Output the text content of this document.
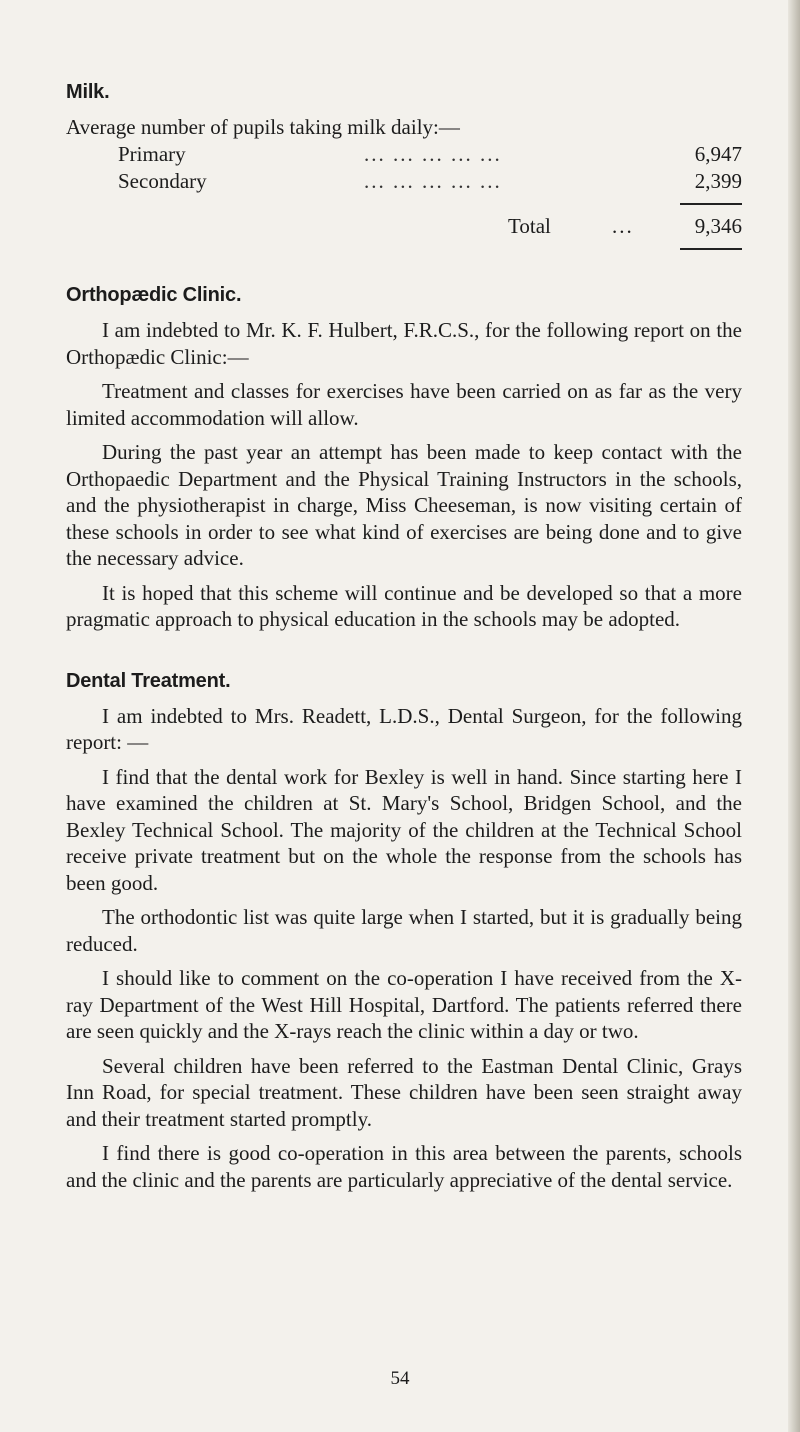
Milk.

Average number of pupils taking milk daily:—

Primary	... ... ... ... ...	6,947
Secondary	... ... ... ... ...	2,399
Total	...	9,346
Orthopædic Clinic.

I am indebted to Mr. K. F. Hulbert, F.R.C.S., for the following report on the Orthopædic Clinic:—

Treatment and classes for exercises have been carried on as far as the very limited accommodation will allow.

During the past year an attempt has been made to keep contact with the Orthopaedic Department and the Physical Training Instructors in the schools, and the physiotherapist in charge, Miss Cheeseman, is now visiting certain of these schools in order to see what kind of exercises are being done and to give the necessary advice.

It is hoped that this scheme will continue and be developed so that a more pragmatic approach to physical education in the schools may be adopted.

Dental Treatment.

I am indebted to Mrs. Readett, L.D.S., Dental Surgeon, for the following report: —

I find that the dental work for Bexley is well in hand. Since starting here I have examined the children at St. Mary's School, Bridgen School, and the Bexley Technical School. The majority of the children at the Technical School receive private treatment but on the whole the response from the schools has been good.

The orthodontic list was quite large when I started, but it is gradually being reduced.

I should like to comment on the co-operation I have received from the X-ray Department of the West Hill Hospital, Dartford. The patients referred there are seen quickly and the X-rays reach the clinic within a day or two.

Several children have been referred to the Eastman Dental Clinic, Grays Inn Road, for special treatment. These children have been seen straight away and their treatment started promptly.

I find there is good co-operation in this area between the parents, schools and the clinic and the parents are particularly appreciative of the dental service.

54
